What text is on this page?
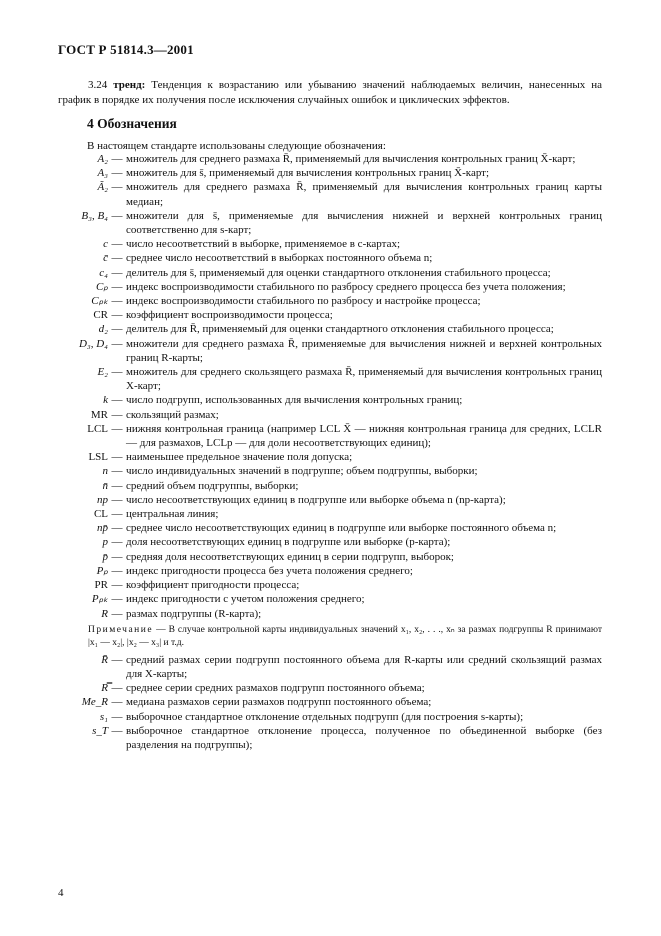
ГОСТ Р 51814.3—2001
3.24 тренд: Тенденция к возрастанию или убыванию значений наблюдаемых величин, нанесенных на график в порядке их получения после исключения случайных ошибок и циклических эффектов.
4 Обозначения
В настоящем стандарте использованы следующие обозначения:
A₂ — множитель для среднего размаха R̄, применяемый для вычисления контрольных границ X̄-карт;
A₃ — множитель для s̄, применяемый для вычисления контрольных границ X̄-карт;
Ã₂ — множитель для среднего размаха R̄, применяемый для вычисления контрольных границ карты медиан;
B₃, B₄ — множители для s̄, применяемые для вычисления нижней и верхней контрольных границ соответственно для s-карт;
c — число несоответствий в выборке, применяемое в c-картах;
c̄ — среднее число несоответствий в выборках постоянного объема n;
c₄ — делитель для s̄, применяемый для оценки стандартного отклонения стабильного процесса;
Cₚ — индекс воспроизводимости стабильного по разбросу среднего процесса без учета положения;
Cₚₖ — индекс воспроизводимости стабильного по разбросу и настройке процесса;
CR — коэффициент воспроизводимости процесса;
d₂ — делитель для R̄, применяемый для оценки стандартного отклонения стабильного процесса;
D₃, D₄ — множители для среднего размаха R̄, применяемые для вычисления нижней и верхней контрольных границ R-карты;
E₂ — множитель для среднего скользящего размаха R̄, применяемый для вычисления контрольных границ X-карт;
k — число подгрупп, использованных для вычисления контрольных границ;
MR — скользящий размах;
LCL — нижняя контрольная граница (например LCL X̄ — нижняя контрольная граница для средних, LCLR — для размахов, LCLp — для доли несоответствующих единиц);
LSL — наименьшее предельное значение поля допуска;
n — число индивидуальных значений в подгруппе; объем подгруппы, выборки;
n̄ — средний объем подгруппы, выборки;
np — число несоответствующих единиц в подгруппе или выборке объема n (np-карта);
CL — центральная линия;
np̄ — среднее число несоответствующих единиц в подгруппе или выборке постоянного объема n;
p — доля несоответствующих единиц в подгруппе или выборке (p-карта);
p̄ — средняя доля несоответствующих единиц в серии подгрупп, выборок;
Pₚ — индекс пригодности процесса без учета положения среднего;
PR — коэффициент пригодности процесса;
Pₚₖ — индекс пригодности с учетом положения среднего;
R — размах подгруппы (R-карта);
Примечание — В случае контрольной карты индивидуальных значений x₁, x₂, . . ., xₙ за размах подгруппы R принимают |x₁ — x₂|, |x₂ — x₃| и т.д.
R̄ — средний размах серии подгрупп постоянного объема для R-карты или средний скользящий размах для X-карты;
R̿ — среднее серии средних размахов подгрупп постоянного объема;
Me_R — медиана размахов серии размахов подгрупп постоянного объема;
s₁ — выборочное стандартное отклонение отдельных подгрупп (для построения s-карты);
s_T — выборочное стандартное отклонение процесса, полученное по объединенной выборке (без разделения на подгруппы);
4
